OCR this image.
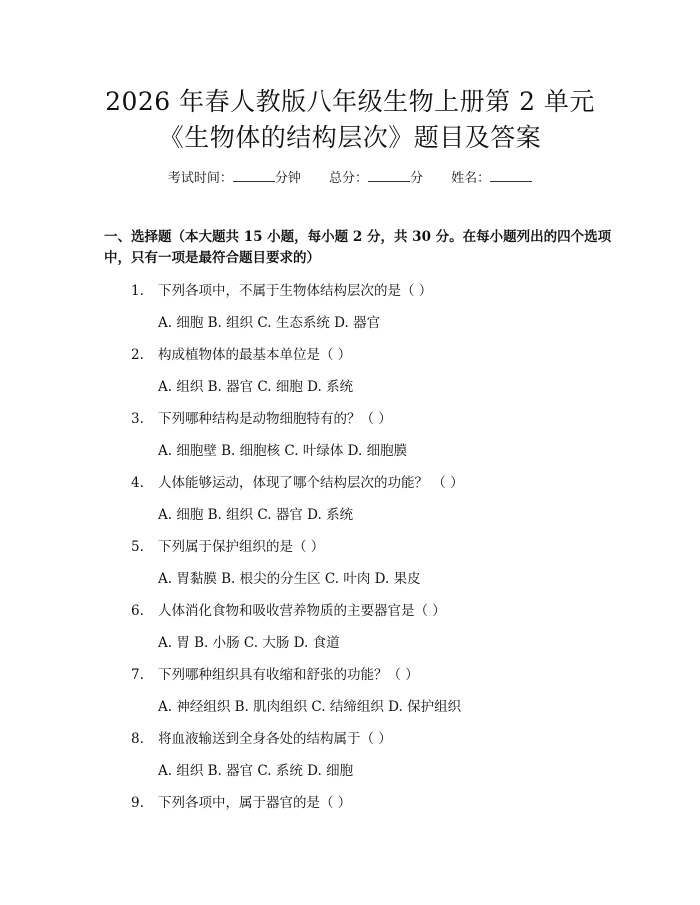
2026 年春人教版八年级生物上册第 2 单元
《生物体的结构层次》题目及答案
考试时间：	分钟 总分：	分 姓名：
一、选择题（本大题共 15 小题，每小题 2 分，共 30 分。在每小题列出的四个选项中，只有一项是最符合题目要求的）
1. 下列各项中，不属于生物体结构层次的是（ ）
A. 细胞 B. 组织 C. 生态系统 D. 器官
2. 构成植物体的最基本单位是（ ）
A. 组织 B. 器官 C. 细胞 D. 系统
3. 下列哪种结构是动物细胞特有的？（ ）
A. 细胞壁 B. 细胞核 C. 叶绿体 D. 细胞膜
4. 人体能够运动，体现了哪个结构层次的功能？ （ ）
A. 细胞 B. 组织 C. 器官 D. 系统
5. 下列属于保护组织的是（ ）
A. 胃黏膜 B. 根尖的分生区 C. 叶肉 D. 果皮
6. 人体消化食物和吸收营养物质的主要器官是（ ）
A. 胃 B. 小肠 C. 大肠 D. 食道
7. 下列哪种组织具有收缩和舒张的功能？（ ）
A. 神经组织 B. 肌肉组织 C. 结缔组织 D. 保护组织
8. 将血液输送到全身各处的结构属于（ ）
A. 组织 B. 器官 C. 系统 D. 细胞
9. 下列各项中，属于器官的是（ ）
